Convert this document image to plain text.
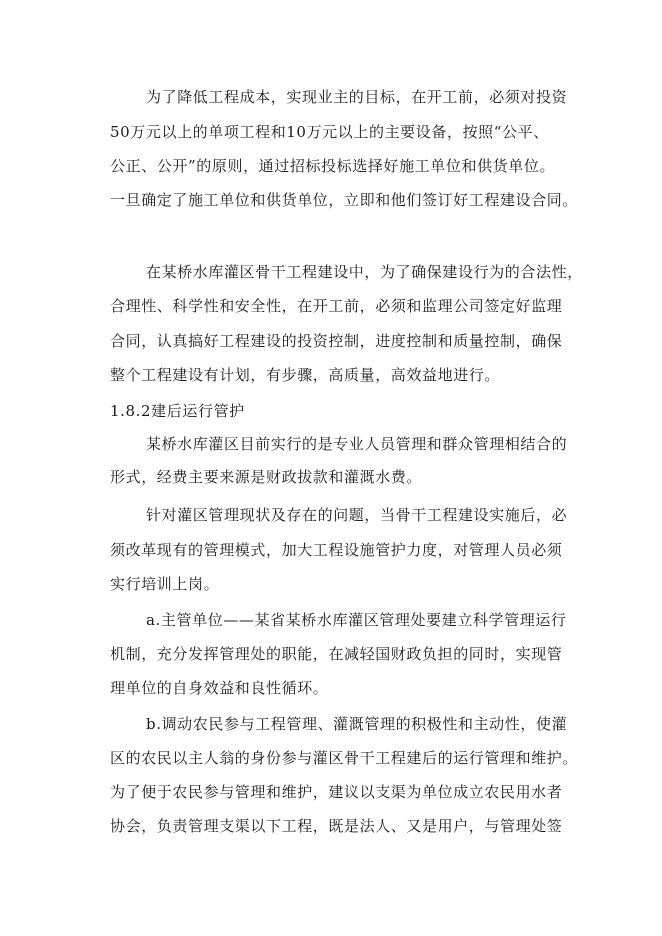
为了降低工程成本，实现业主的目标，在开工前，必须对投资
50万元以上的单项工程和10万元以上的主要设备，按照“公平、
公正、公开”的原则，通过招标投标选择好施工单位和供货单位。
一旦确定了施工单位和供货单位，立即和他们签订好工程建设合同。
在某桥水库灌区骨干工程建设中，为了确保建设行为的合法性，
合理性、科学性和安全性，在开工前，必须和监理公司签定好监理
合同，认真搞好工程建设的投资控制，进度控制和质量控制，确保
整个工程建设有计划，有步骤，高质量，高效益地进行。
1.8.2建后运行管护
某桥水库灌区目前实行的是专业人员管理和群众管理相结合的
形式，经费主要来源是财政拔款和灌溉水费。
针对灌区管理现状及存在的问题，当骨干工程建设实施后，必
须改革现有的管理模式，加大工程设施管护力度，对管理人员必须
实行培训上岗。
a.主管单位——某省某桥水库灌区管理处要建立科学管理运行
机制，充分发挥管理处的职能，在减轻国财政负担的同时，实现管
理单位的自身效益和良性循环。
b.调动农民参与工程管理、灌溉管理的积极性和主动性，使灌
区的农民以主人翁的身份参与灌区骨干工程建后的运行管理和维护。
为了便于农民参与管理和维护，建议以支渠为单位成立农民用水者
协会，负责管理支渠以下工程，既是法人、又是用户，与管理处签
